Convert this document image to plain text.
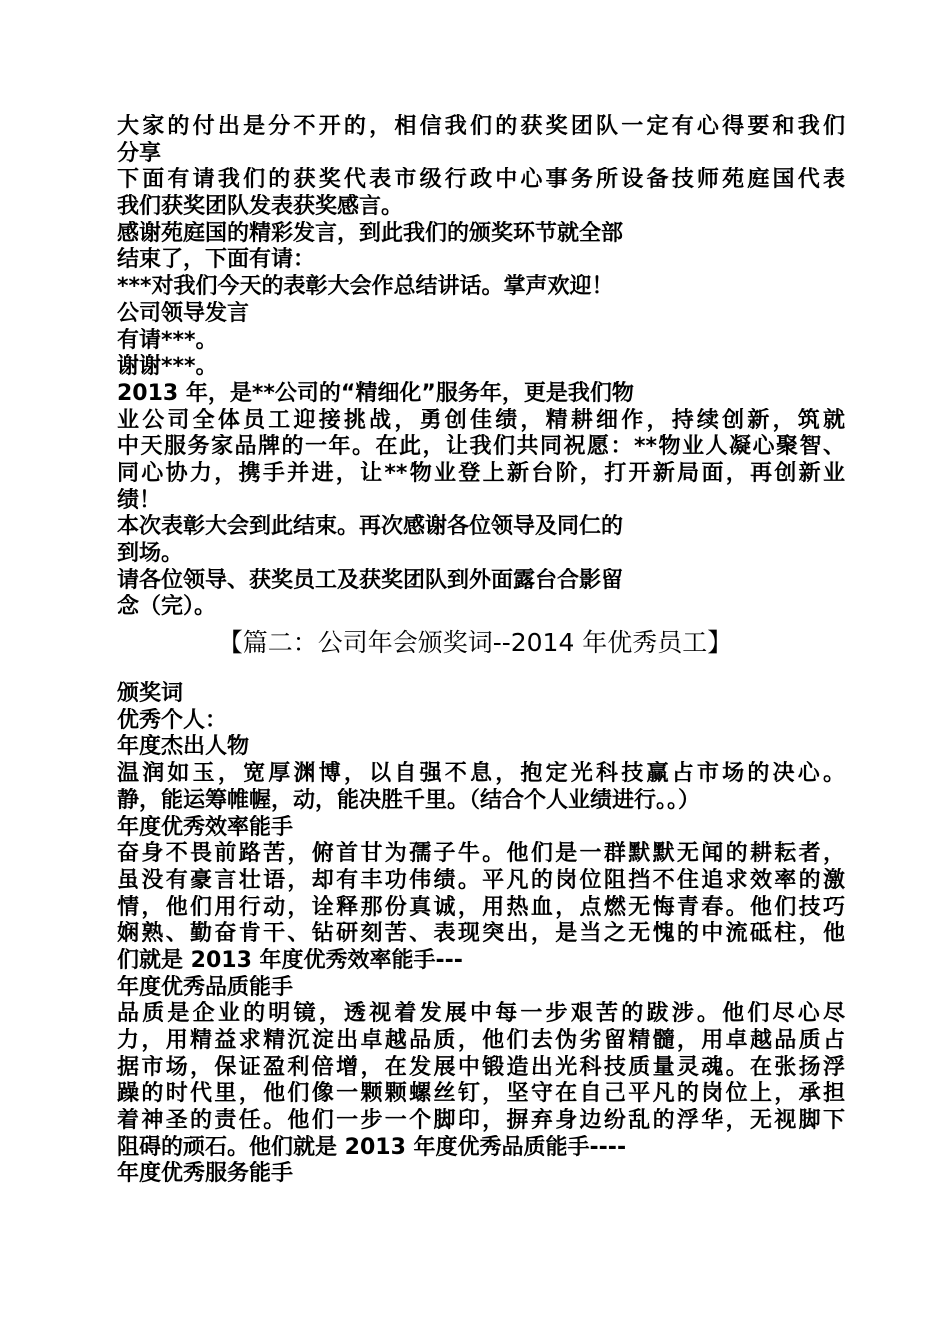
大家的付出是分不开的，相信我们的获奖团队一定有心得要和我们
分享
下面有请我们的获奖代表市级行政中心事务所设备技师苑庭国代表
我们获奖团队发表获奖感言。
感谢苑庭国的精彩发言，到此我们的颁奖环节就全部
结束了，下面有请：
***对我们今天的表彰大会作总结讲话。掌声欢迎！
公司领导发言
有请***。
谢谢***。
2013 年，是**公司的“精细化”服务年，更是我们物
业公司全体员工迎接挑战，勇创佳绩，精耕细作，持续创新，筑就
中天服务家品牌的一年。在此，让我们共同祝愿：**物业人凝心聚智、
同心协力，携手并进，让**物业登上新台阶，打开新局面，再创新业
绩！
本次表彰大会到此结束。再次感谢各位领导及同仁的
到场。
请各位领导、获奖员工及获奖团队到外面露台合影留
念（完）。
【篇二：公司年会颁奖词--2014 年优秀员工】
颁奖词
优秀个人：
年度杰出人物
温润如玉，宽厚渊博，以自强不息，抱定光科技赢占市场的决心。
静，能运筹帷幄，动，能决胜千里。（结合个人业绩进行。。）
年度优秀效率能手
奋身不畏前路苦，俯首甘为孺子牛。他们是一群默默无闻的耕耘者，
虽没有豪言壮语，却有丰功伟绩。平凡的岗位阻挡不住追求效率的激
情，他们用行动，诠释那份真诚，用热血，点燃无悔青春。他们技巧
娴熟、勤奋肯干、钻研刻苦、表现突出，是当之无愧的中流砥柱，他
们就是 2013 年度优秀效率能手---
年度优秀品质能手
品质是企业的明镜，透视着发展中每一步艰苦的跋涉。他们尽心尽
力，用精益求精沉淀出卓越品质，他们去伪劣留精髓，用卓越品质占
据市场，保证盈利倍增，在发展中锻造出光科技质量灵魂。在张扬浮
躁的时代里，他们像一颗颗螺丝钉，坚守在自己平凡的岗位上，承担
着神圣的责任。他们一步一个脚印，摒弃身边纷乱的浮华，无视脚下
阻碍的顽石。他们就是 2013 年度优秀品质能手----
年度优秀服务能手
